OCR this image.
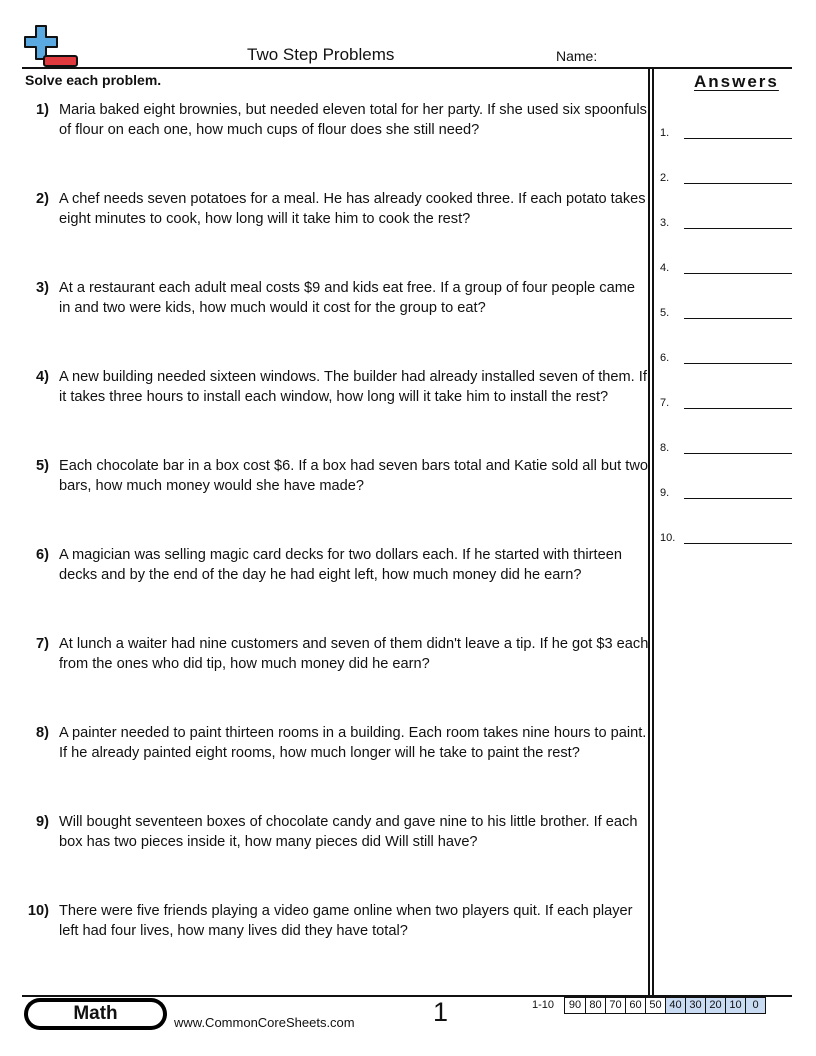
Two Step Problems	Name:
Solve each problem.	Answers
1) Maria baked eight brownies, but needed eleven total for her party. If she used six spoonfuls of flour on each one, how much cups of flour does she still need?
2) A chef needs seven potatoes for a meal. He has already cooked three. If each potato takes eight minutes to cook, how long will it take him to cook the rest?
3) At a restaurant each adult meal costs $9 and kids eat free. If a group of four people came in and two were kids, how much would it cost for the group to eat?
4) A new building needed sixteen windows. The builder had already installed seven of them. If it takes three hours to install each window, how long will it take him to install the rest?
5) Each chocolate bar in a box cost $6. If a box had seven bars total and Katie sold all but two bars, how much money would she have made?
6) A magician was selling magic card decks for two dollars each. If he started with thirteen decks and by the end of the day he had eight left, how much money did he earn?
7) At lunch a waiter had nine customers and seven of them didn't leave a tip. If he got $3 each from the ones who did tip, how much money did he earn?
8) A painter needed to paint thirteen rooms in a building. Each room takes nine hours to paint. If he already painted eight rooms, how much longer will he take to paint the rest?
9) Will bought seventeen boxes of chocolate candy and gave nine to his little brother. If each box has two pieces inside it, how many pieces did Will still have?
10) There were five friends playing a video game online when two players quit. If each player left had four lives, how many lives did they have total?
1.
2.
3.
4.
5.
6.
7.
8.
9.
10.
Math	www.CommonCoreSheets.com	1	1-10	90 80 70 60 50 40 30 20 10 0
